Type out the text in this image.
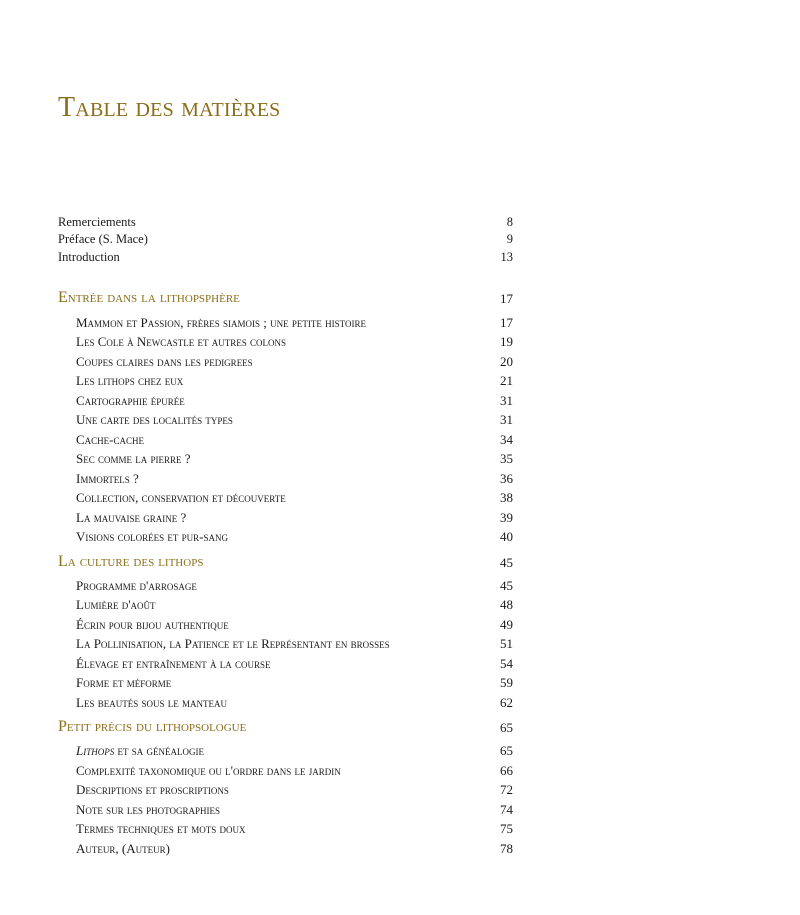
Table des matières
Remerciements	8
Préface (S. Mace)	9
Introduction	13
Entrée dans la lithopsphère	17
Mammon et Passion, frères siamois ; une petite histoire	17
Les Cole à Newcastle et autres colons	19
Coupes claires dans les pedigrees	20
Les lithops chez eux	21
Cartographie épurée	31
Une carte des localités types	31
Cache-cache	34
Sec comme la pierre ?	35
Immortels ?	36
Collection, conservation et découverte	38
La mauvaise graine ?	39
Visions colorées et pur-sang	40
La culture des lithops	45
Programme d'arrosage	45
Lumière d'août	48
Écrin pour bijou authentique	49
La Pollinisation, la Patience et le Représentant en brosses	51
Élevage et entraînement à la course	54
Forme et méforme	59
Les beautés sous le manteau	62
Petit précis du lithopsologue	65
Lithops et sa généalogie	65
Complexité taxonomique ou l'ordre dans le jardin	66
Descriptions et proscriptions	72
Note sur les photographies	74
Termes techniques et mots doux	75
Auteur, (Auteur)	78
